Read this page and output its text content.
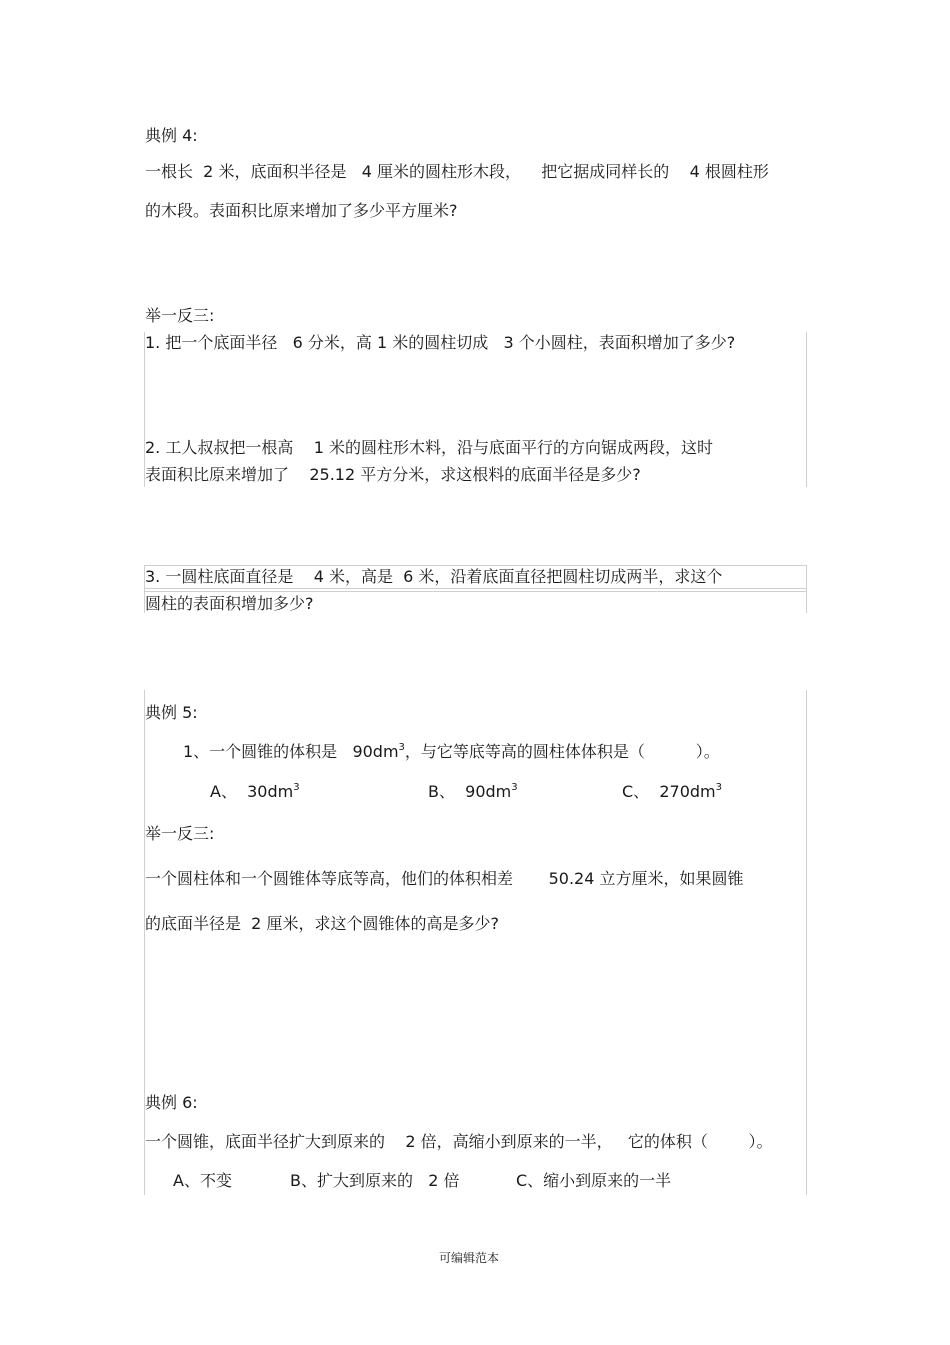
典例 4:
一根长  2 米，底面积半径是   4 厘米的圆柱形木段，    把它据成同样长的    4 根圆柱形
的木段。表面积比原来增加了多少平方厘米?
举一反三:
1. 把一个底面半径   6 分米，高 1 米的圆柱切成   3 个小圆柱，表面积增加了多少?
2. 工人叔叔把一根高    1 米的圆柱形木料，沿与底面平行的方向锯成两段，这时
表面积比原来增加了    25.12 平方分米，求这根料的底面半径是多少?
3. 一圆柱底面直径是    4 米，高是  6 米，沿着底面直径把圆柱切成两半，求这个
圆柱的表面积增加多少?
典例 5:
1、一个圆锥的体积是   $90dm^3$，与它等底等高的圆柱体体积是（          ）。
A、  $30dm^3$	B、  $90dm^3$	C、  $270dm^3$
举一反三:
一个圆柱体和一个圆锥体等底等高，他们的体积相差       50.24 立方厘米，如果圆锥
的底面半径是  2 厘米，求这个圆锥体的高是多少?
典例 6:
一个圆锥，底面半径扩大到原来的    2 倍，高缩小到原来的一半，   它的体积（        ）。
A、不变	B、扩大到原来的   2 倍	C、缩小到原来的一半
可编辑范本
